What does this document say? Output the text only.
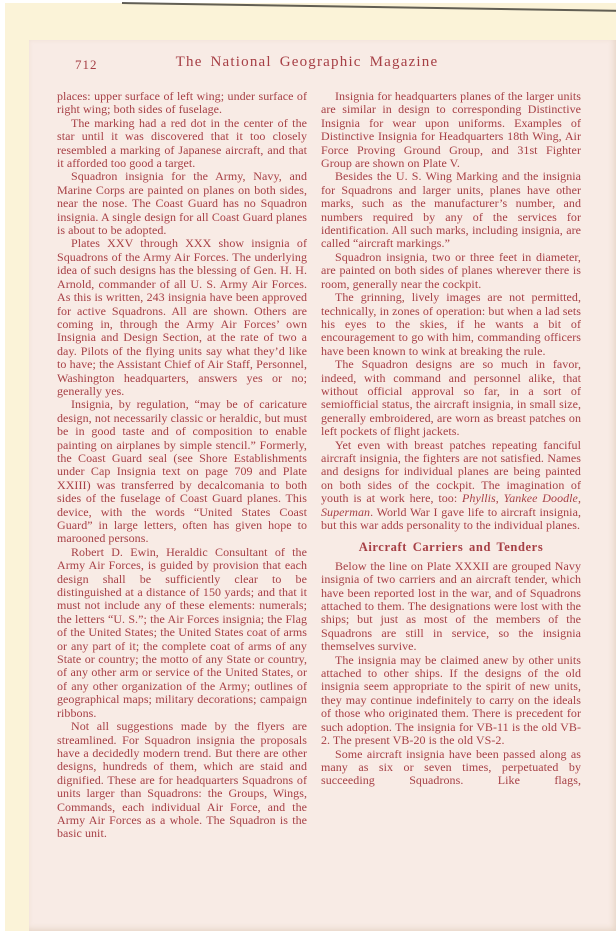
712	The National Geographic Magazine

places: upper surface of left wing; under surface of right wing; both sides of fuselage.

The marking had a red dot in the center of the star until it was discovered that it too closely resembled a marking of Japanese aircraft, and that it afforded too good a target.

Squadron insignia for the Army, Navy, and Marine Corps are painted on planes on both sides, near the nose. The Coast Guard has no Squadron insignia. A single design for all Coast Guard planes is about to be adopted.

Plates XXV through XXX show insignia of Squadrons of the Army Air Forces. The underlying idea of such designs has the blessing of Gen. H. H. Arnold, commander of all U. S. Army Air Forces. As this is written, 243 insignia have been approved for active Squadrons. All are shown. Others are coming in, through the Army Air Forces’ own Insignia and Design Section, at the rate of two a day. Pilots of the flying units say what they’d like to have; the Assistant Chief of Air Staff, Personnel, Washington headquarters, answers yes or no; generally yes.

Insignia, by regulation, “may be of caricature design, not necessarily classic or heraldic, but must be in good taste and of composition to enable painting on airplanes by simple stencil.” Formerly, the Coast Guard seal (see Shore Establishments under Cap Insignia text on page 709 and Plate XXIII) was transferred by decalcomania to both sides of the fuselage of Coast Guard planes. This device, with the words “United States Coast Guard” in large letters, often has given hope to marooned persons.

Robert D. Ewin, Heraldic Consultant of the Army Air Forces, is guided by provision that each design shall be sufficiently clear to be distinguished at a distance of 150 yards; and that it must not include any of these elements: numerals; the letters “U. S.”; the Air Forces insignia; the Flag of the United States; the United States coat of arms or any part of it; the complete coat of arms of any State or country; the motto of any State or country, of any other arm or service of the United States, or of any other organization of the Army; outlines of geographical maps; military decorations; campaign ribbons.

Not all suggestions made by the flyers are streamlined. For Squadron insignia the proposals have a decidedly modern trend. But there are other designs, hundreds of them, which are staid and dignified. These are for headquarters Squadrons of units larger than Squadrons: the Groups, Wings, Commands, each individual Air Force, and the Army Air Forces as a whole. The Squadron is the basic unit.

Insignia for headquarters planes of the larger units are similar in design to corresponding Distinctive Insignia for wear upon uniforms. Examples of Distinctive Insignia for Headquarters 18th Wing, Air Force Proving Ground Group, and 31st Fighter Group are shown on Plate V.

Besides the U. S. Wing Marking and the insignia for Squadrons and larger units, planes have other marks, such as the manufacturer’s number, and numbers required by any of the services for identification. All such marks, including insignia, are called “aircraft markings.”

Squadron insignia, two or three feet in diameter, are painted on both sides of planes wherever there is room, generally near the cockpit.

The grinning, lively images are not permitted, technically, in zones of operation: but when a lad sets his eyes to the skies, if he wants a bit of encouragement to go with him, commanding officers have been known to wink at breaking the rule.

The Squadron designs are so much in favor, indeed, with command and personnel alike, that without official approval so far, in a sort of semiofficial status, the aircraft insignia, in small size, generally embroidered, are worn as breast patches on left pockets of flight jackets.

Yet even with breast patches repeating fanciful aircraft insignia, the fighters are not satisfied. Names and designs for individual planes are being painted on both sides of the cockpit. The imagination of youth is at work here, too: Phyllis, Yankee Doodle, Superman. World War I gave life to aircraft insignia, but this war adds personality to the individual planes.

Aircraft Carriers and Tenders

Below the line on Plate XXXII are grouped Navy insignia of two carriers and an aircraft tender, which have been reported lost in the war, and of Squadrons attached to them. The designations were lost with the ships; but just as most of the members of the Squadrons are still in service, so the insignia themselves survive.

The insignia may be claimed anew by other units attached to other ships. If the designs of the old insignia seem appropriate to the spirit of new units, they may continue indefinitely to carry on the ideals of those who originated them. There is precedent for such adoption. The insignia for VB-11 is the old VB-2. The present VB-20 is the old VS-2.

Some aircraft insignia have been passed along as many as six or seven times, perpetuated by succeeding Squadrons. Like flags,
